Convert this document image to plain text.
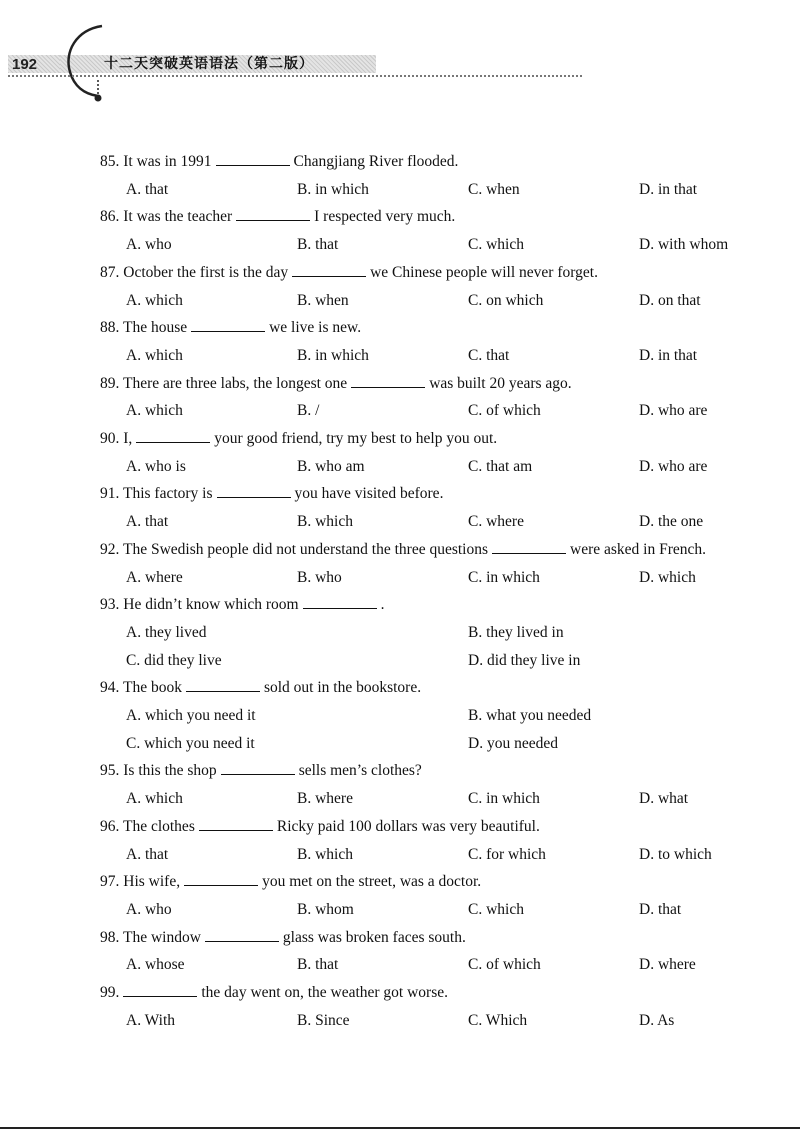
192	十二天突破英语语法（第二版）
85. It was in 1991	Changjiang River flooded.
A. that	B. in which	C. when	D. in that
86. It was the teacher	I respected very much.
A. who	B. that	C. which	D. with whom
87. October the first is the day	we Chinese people will never forget.
A. which	B. when	C. on which	D. on that
88. The house	we live is new.
A. which	B. in which	C. that	D. in that
89. There are three labs, the longest one	was built 20 years ago.
A. which	B. /	C. of which	D. who are
90. I,	your good friend, try my best to help you out.
A. who is	B. who am	C. that am	D. who are
91. This factory is	you have visited before.
A. that	B. which	C. where	D. the one
92. The Swedish people did not understand the three questions	were asked in French.
A. where	B. who	C. in which	D. which
93. He didn’t know which room	.
A. they lived	B. they lived in
C. did they live	D. did they live in
94. The book	sold out in the bookstore.
A. which you need it	B. what you needed
C. which you need it	D. you needed
95. Is this the shop	sells men’s clothes?
A. which	B. where	C. in which	D. what
96. The clothes	Ricky paid 100 dollars was very beautiful.
A. that	B. which	C. for which	D. to which
97. His wife,	you met on the street, was a doctor.
A. who	B. whom	C. which	D. that
98. The window	glass was broken faces south.
A. whose	B. that	C. of which	D. where
99.	the day went on, the weather got worse.
A. With	B. Since	C. Which	D. As
